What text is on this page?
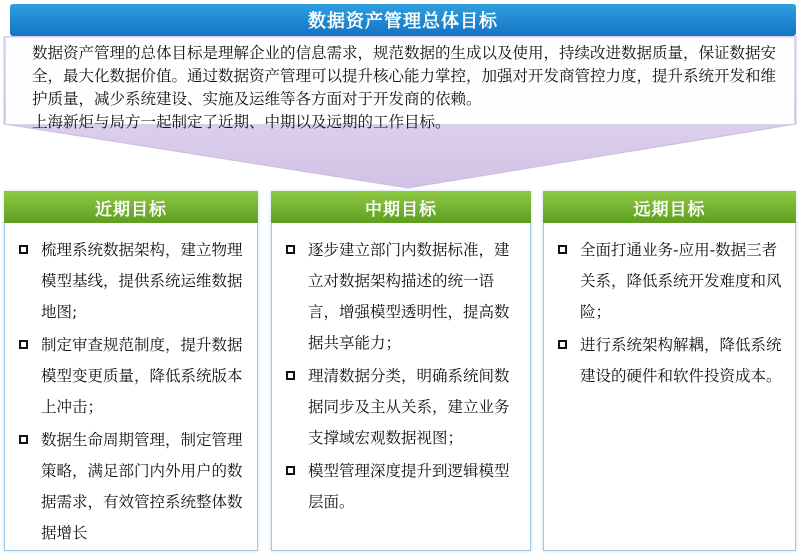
数据资产管理总体目标

数据资产管理的总体目标是理解企业的信息需求，规范数据的生成以及使用，持续改进数据质量，保证数据安全，最大化数据价值。通过数据资产管理可以提升核心能力掌控，加强对开发商管控力度，提升系统开发和维护质量，减少系统建设、实施及运维等各方面对于开发商的依赖。

上海新炬与局方一起制定了近期、中期以及远期的工作目标。

近期目标
梳理系统数据架构，建立物理模型基线，提供系统运维数据地图;
制定审查规范制度，提升数据模型变更质量，降低系统版本上冲击；
数据生命周期管理，制定管理策略，满足部门内外用户的数据需求，有效管控系统整体数据增长
中期目标
逐步建立部门内数据标准，建立对数据架构描述的统一语言，增强模型透明性，提高数据共享能力；
理清数据分类，明确系统间数据同步及主从关系，建立业务支撑域宏观数据视图；
模型管理深度提升到逻辑模型层面。
远期目标
全面打通业务-应用-数据三者关系，降低系统开发难度和风险；
进行系统架构解耦，降低系统建设的硬件和软件投资成本。
